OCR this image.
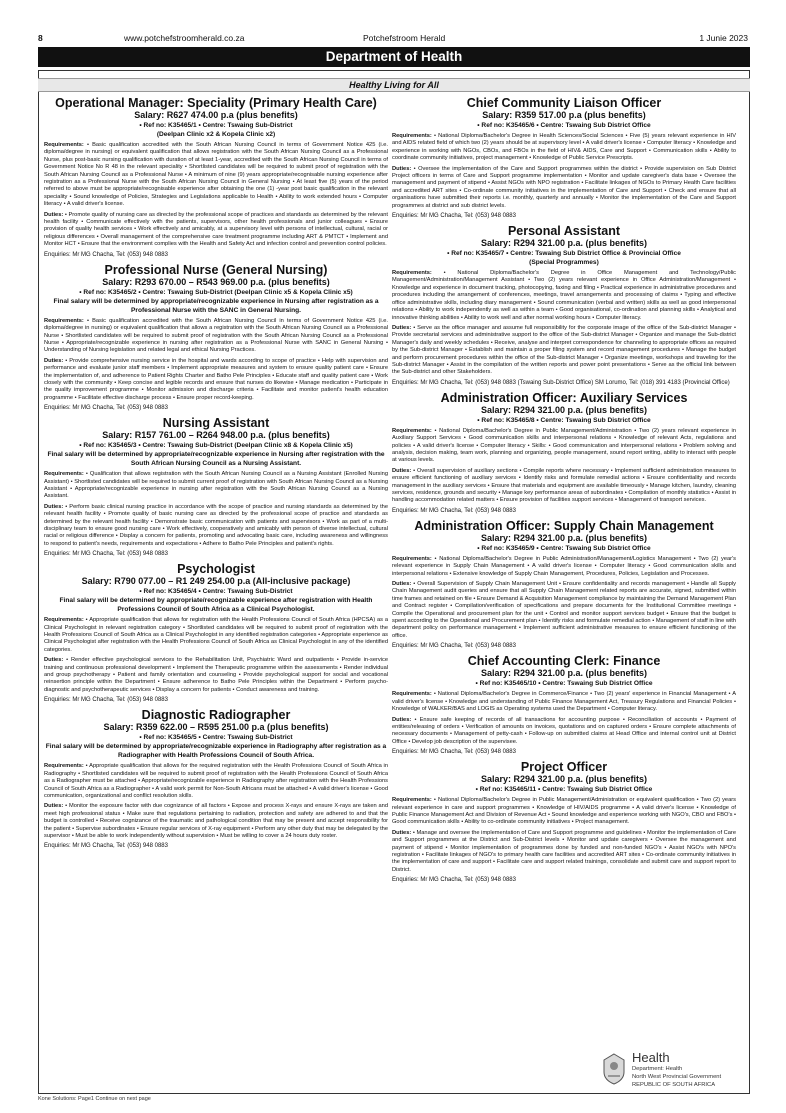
8	www.potchefstroomherald.co.za	Potchefstroom Herald	1 Junie 2023
Department of Health
Healthy Living for All
Operational Manager: Speciality (Primary Health Care)
Salary: R627 474.00 p.a (plus benefits)
• Ref no: K35465/1 • Centre: Tswaing Sub-District
(Deelpan Clinic x2 & Kopela Clinic x2)

Requirements: • Basic qualification accredited with the South African Nursing Council in terms of Government Notice 425 (i.e. diploma/degree in nursing) or equivalent qualification that allows registration with the South African Nursing Council as a Professional Nurse, plus post-basic nursing qualification with duration of at least 1-year, accredited with the South African Nursing Council in terms of Government Notice No R 48 in the relevant speciality • Shortlisted candidates will be required to submit proof of registration with the South African Nursing Council as a Professional Nurse • A minimum of nine (9) years appropriate/recognisable nursing experience after registration as a Professional Nurse with the South African Nursing Council in General Nursing • At least five (5) years of the period referred to above must be appropriate/recognisable experience after obtaining the one (1) -year post basic qualification in the relevant speciality • Sound knowledge of Policies, Strategies and Legislations applicable to Health • Ability to work extended hours • Computer literacy • A valid driver's license.

Duties: • Promote quality of nursing care as directed by the professional scope of practices and standards as determined by the relevant health facility • Communicate effectively with the patients, supervisors, other health professionals and junior colleagues • Ensure provision of quality health services • Work effectively and amicably, at a supervisory level with persons of intellectual, cultural, racial or religious differences • Overall management of the comprehensive care treatment programme including ART & PMTCT • Implement and Monitor HCT • Ensure that the environment complies with the Health and Safety Act and infection control and prevention control policies.

Enquiries: Mr MG Chacha, Tel: (053) 948 0883
Professional Nurse (General Nursing)
Salary: R293 670.00 – R543 969.00 p.a. (plus benefits)
• Ref no: K35465/2 • Centre: Tswaing Sub-District (Deelpan Clinic x5 & Kopela Clinic x5)
Final salary will be determined by appropriate/recognizable experience in Nursing after registration as a Professional Nurse with the SANC in General Nursing.

Requirements: • Basic qualification accredited with the South African Nursing Council in terms of Government Notice 425 (i.e. diploma/degree in nursing) or equivalent qualification that allows a registration with the South African Nursing Council as a Professional Nurse • Shortlisted candidates will be required to submit proof of registration with the South African Nursing Council as a Professional Nurse • Appropriate/recognizable experience in nursing after registration as a Professional Nurse with SANC in General Nursing • Understanding of Nursing legislation and related legal and ethical Nursing Practices.

Duties: • Provide comprehensive nursing service in the hospital and wards according to scope of practice • Help with supervision and performance and evaluate junior staff members • Implement appropriate measures and system to ensure quality patient care • Ensure the implementation of, and adherence to Patient Rights Charter and Batho Pele Principles • Educate staff and quality patient care • Work closely with the community • Keep concise and legible records and ensure that nurses do likewise • Manage medication • Participate in the quality improvement programme • Monitor admission and discharge criteria • Facilitate and monitor patient's health education programme • Facilitate effective discharge process • Ensure proper record-keeping.

Enquiries: Mr MG Chacha, Tel: (053) 948 0883
Nursing Assistant
Salary: R157 761.00 – R264 948.00 p.a. (plus benefits)
• Ref no: K35465/3 • Centre: Tswaing Sub-District (Deelpan Clinic x8 & Kopela Clinic x5)
Final salary will be determined by appropriate/recognizable experience in Nursing after registration with the South African Nursing Council as a Nursing Assistant.

Requirements: • Qualification that allows registration with the South African Nursing Council as a Nursing Assistant (Enrolled Nursing Assistant) • Shortlisted candidates will be required to submit current proof of registration with South African Nursing Council as a Nursing Assistant • Appropriate/recognizable experience in nursing after registration with the South African Nursing Council as a Nursing Assistant.

Duties: • Perform basic clinical nursing practice in accordance with the scope of practice and nursing standards as determined by the relevant health facility • Promote quality of basic nursing care as directed by the professional scope of practice and standards as determined by the relevant health facility • Demonstrate basic communication with patients and supervisors • Work as part of a multi-disciplinary team to ensure good nursing care • Work effectively, cooperatively and amicably with person of diverse intellectual, cultural racial or religious difference • Display a concern for patients, promoting and advocating basic care, including awareness and willingness to respond to patient's needs, requirements and expectations • Adhere to Batho Pele Principles and patient's rights.

Enquiries: Mr MG Chacha, Tel: (053) 948 0883
Psychologist
Salary: R790 077.00 – R1 249 254.00 p.a (All-inclusive package)
• Ref no: K35465/4 • Centre: Tswaing Sub-District
Final salary will be determined by appropriate/recognizable experience after registration with Health Professions Council of South Africa as a Clinical Psychologist.

Requirements: • Appropriate qualification that allows for registration with the Health Professions Council of South Africa (HPCSA) as a Clinical Psychologist in relevant registration category • Shortlisted candidates will be required to submit proof of registration with the Health Professions Council of South Africa as a Clinical Psychologist in any identified registration categories • Appropriate experience as Clinical Psychologist after registration with the Health Professions Council of South Africa as Clinical Psychologist in any of the identified categories.

Duties: • Render effective psychological services to the Rehabilitation Unit, Psychiatric Ward and outpatients • Provide in-service training and continuous professional development • Implement the Therapeutic programme within the assessments • Render individual and group psychotherapy • Patient and family orientation and counseling • Provide psychological support for social and vocational reinsertion principle within the Department • Ensure adherence to Batho Pele Principles within the Department • Perform psycho-diagnostic and psychotherapeutic services • Display a concern for patients • Conduct awareness and training.

Enquiries: Mr MG Chacha, Tel: (053) 948 0883
Diagnostic Radiographer
Salary: R359 622.00 – R595 251.00 p.a (plus benefits)
• Ref no: K35465/5 • Centre: Tswaing Sub-District
Final salary will be determined by appropriate/recognizable experience in Radiography after registration as a Radiographer with Health Professions Council of South Africa.

Requirements: • Appropriate qualification that allows for the required registration with the Health Professions Council of South Africa in Radiography • Shortlisted candidates will be required to submit proof of registration with the Health Professions Council of South Africa as a Radiographer must be attached • Appropriate/recognizable experience in Radiography after registration with the Health Professions Council of South Africa as a Radiographer • A valid work permit for Non-South Africans must be attached • A valid driver's license • Good communication, organizational and conflict resolution skills.

Duties: • Monitor the exposure factor with due cognizance of all factors • Expose and process X-rays and ensure X-rays are taken and meet high professional status • Make sure that regulations pertaining to radiation, protection and safety are adhered to and that the budget is controlled • Receive cognizance of the traumatic and pathological condition that may be present and accept responsibility for the patient • Supervise subordinates • Ensure regular services of X-ray equipment • Perform any other duty that may be delegated by the supervisor • Must be able to work independently without supervision • Must be willing to cover a 24 hours duty roster.

Enquiries: Mr MG Chacha, Tel: (053) 948 0883
Chief Community Liaison Officer
Salary: R359 517.00 p.a (plus benefits)
• Ref no: K35465/6 • Centre: Tswaing Sub District Office

Requirements: • National Diploma/Bachelor's Degree in Health Sciences/Social Sciences • Five (5) years relevant experience in HIV and AIDS related field of which two (2) years should be at supervisory level • A valid driver's license • Computer literacy • Knowledge and experience in working with NGOs, CBOs, and FBOs in the field of HIV& AIDS, Care and Support • Communication skills • Ability to coordinate community initiatives, project management • Knowledge of Public Service Prescripts.

Duties: • Oversee the implementation of the Care and Support programmes within the district • Provide supervision on Sub District Project officers in terms of Care and Support programme implementation • Monitor and update caregiver's data base • Oversee the management and payment of stipend • Assist NGOs with NPO registration • Facilitate linkages of NGOs to Primary Health Care facilities and accredited ART sites • Co-ordinate community initiatives in the implementation of Care and Support • Check and ensure that all organisations have submitted their reports i.e. monthly, quarterly and annually • Monitor the implementation of the Care and Support programmes at district and sub district levels.

Enquiries: Mr MG Chacha, Tel: (053) 948 0883
Personal Assistant
Salary: R294 321.00 p.a. (plus benefits)
• Ref no: K35465/7 • Centre: Tswaing Sub District Office & Provincial Office
(Special Programmes)

Requirements: • National Diploma/Bachelor's Degree in Office Management and Technology/Public Management/Administration/Management Assistant • Two (2) years relevant experience in Office Administration/Management • Knowledge and experience in document tracking, photocopying, faxing and filing • Practical experience in administrative procedures and procedures including the arrangement of conferences, meetings, travel arrangements and processing of claims • Typing and effective office administrative skills, including diary management • Sound communication (verbal and written) skills as well as good interpersonal relations • Ability to work independently as well as within a team • Good organisational, co-ordination and planning skills • Analytical and innovative thinking abilities • Ability to work well and after normal working hours • Computer literacy.

Duties: • Serve as the office manager and assume full responsibility for the corporate image of the office of the Sub-district Manager • Provide secretarial services and administrative support to the office of the Sub-district Manager • Organize and manage the Sub-district Manager's daily and weekly schedules • Receive, analyse and interpret correspondence for channeling to appropriate offices as required by the Sub-district Manager • Establish and maintain a proper filing system and record management procedures • Manage the budget and perform procurement procedures within the office of the Sub-district Manager • Organize meetings, workshops and traveling for the Sub-district Manager • Assist in the compilation of the written reports and power point presentations • Serve as the official link between the Sub-district and other Stakeholders.

Enquiries: Mr MG Chacha, Tel: (053) 948 0883 (Tswaing Sub-District Office) SM Lorumo, Tel: (018) 391 4183 (Provincial Office)
Administration Officer: Auxiliary Services
Salary: R294 321.00 p.a. (plus benefits)
• Ref no: K35465/8 • Centre: Tswaing Sub District Office

Requirements: • National Diploma/Bachelor's Degree in Public Management/Administration • Two (2) years relevant experience in Auxiliary Support Services • Good communication skills and interpersonal relations • Knowledge of relevant Acts, regulations and policies • A valid driver's license • Computer literacy • Skills: • Good communication and interpersonal relations • Problem solving and analysis, decision making, team work, planning and organizing, people management, sound report writing, ability to interact with people at various levels.

Duties: • Overall supervision of auxiliary sections • Compile reports where necessary • Implement sufficient administration measures to ensure efficient functioning of auxiliary services • Identify risks and formulate remedial actions • Ensure confidentiality and records management in the auxiliary services • Ensure that materials and equipment are available timeously • Manage kitchen, laundry, cleaning services, residence, grounds and security • Manage key performance areas of subordinates • Compilation of monthly statistics • Assist in handling accommodation related matters • Ensure provision of facilities support services • Management of transport services.

Enquiries: Mr MG Chacha, Tel: (053) 948 0883
Administration Officer: Supply Chain Management
Salary: R294 321.00 p.a. (plus benefits)
• Ref no: K35465/9 • Centre: Tswaing Sub District Office

Requirements: • National Diploma/Bachelor's Degree in Public Administration/Management/Logistics Management • Two (2) year's relevant experience in Supply Chain Management • A valid driver's license • Computer literacy • Good communication skills and interpersonal relations • Extensive knowledge of Supply Chain Management, Procedures, Policies, Legislation and Processes.

Duties: • Overall Supervision of Supply Chain Management Unit • Ensure confidentiality and records management • Handle all Supply Chain Management audit queries and ensure that all Supply Chain Management related reports are accurate, signed, submitted within time frames and retained on file • Ensure Demand & Acquisition Management compliance by maintaining the Demand Management Plan and Contract register • Compilation/verification of specifications and prepare documents for the Institutional Committee meetings • Compile the Operational and procurement plan for the unit • Control and monitor support services budget • Ensure that the budget is spent according to the Operational and Procurement plan • Identify risks and formulate remedial action • Management of staff in line with department policy on performance management • Implement sufficient administrative measures to ensure efficient functioning of the office.

Enquiries: Mr MG Chacha, Tel: (053) 948 0883
Chief Accounting Clerk: Finance
Salary: R294 321.00 p.a. (plus benefits)
• Ref no: K35465/10 • Centre: Tswaing Sub District Office

Requirements: • National Diploma/Bachelor's Degree in Commerce/Finance • Two (2) years' experience in Financial Management • A valid driver's license • Knowledge and understanding of Public Finance Management Act, Treasury Regulations and Financial Policies • Knowledge of WALKER/BAS and LOGIS as Operating systems used the Department • Computer literacy.

Duties: • Ensure safe keeping of records of all transactions for accounting purpose • Reconciliation of accounts • Payment of entities/releasing of orders • Verification of amounts on invoices, quotations and on captured orders • Ensure complete attachments of necessary documents • Management of petty-cash • Follow-up on submitted claims at Head Office and internal control unit at District Office • Develop job description of the supervisee.

Enquiries: Mr MG Chacha, Tel: (053) 948 0883
Project Officer
Salary: R294 321.00 p.a. (plus benefits)
• Ref no: K35465/11 • Centre: Tswaing Sub District Office

Requirements: • National Diploma/Bachelor's Degree in Public Management/Administration or equivalent qualification • Two (2) years relevant experience in care and support programmes • Knowledge of HIV/AIDS programme • A valid driver's license • Knowledge of Public Finance Management Act and Division of Revenue Act • Sound knowledge and experience working with NGO's, CBO and FBO's • Good communication skills • Ability to co-ordinate community initiatives • Project management.

Duties: • Manage and oversee the implementation of Care and Support programme and guidelines • Monitor the implementation of Care and Support programmes at the District and Sub-District levels • Monitor and update caregivers • Oversee the management and payment of stipend • Monitor implementation of programmes done by funded and non-funded NGO's • Assist NGO's with NPO's registration • Facilitate linkages of NGO's to primary health care facilities and accredited ART sites • Co-ordinate community initiatives in the implementation of care and support • Facilitate care and support related trainings, consolidate and submit care and support report to District.

Enquiries: Mr MG Chacha, Tel: (053) 948 0883
Health
Department: Health
North West Provincial Government
REPUBLIC OF SOUTH AFRICA
Kone Solutions: Page1 Continue on next page
